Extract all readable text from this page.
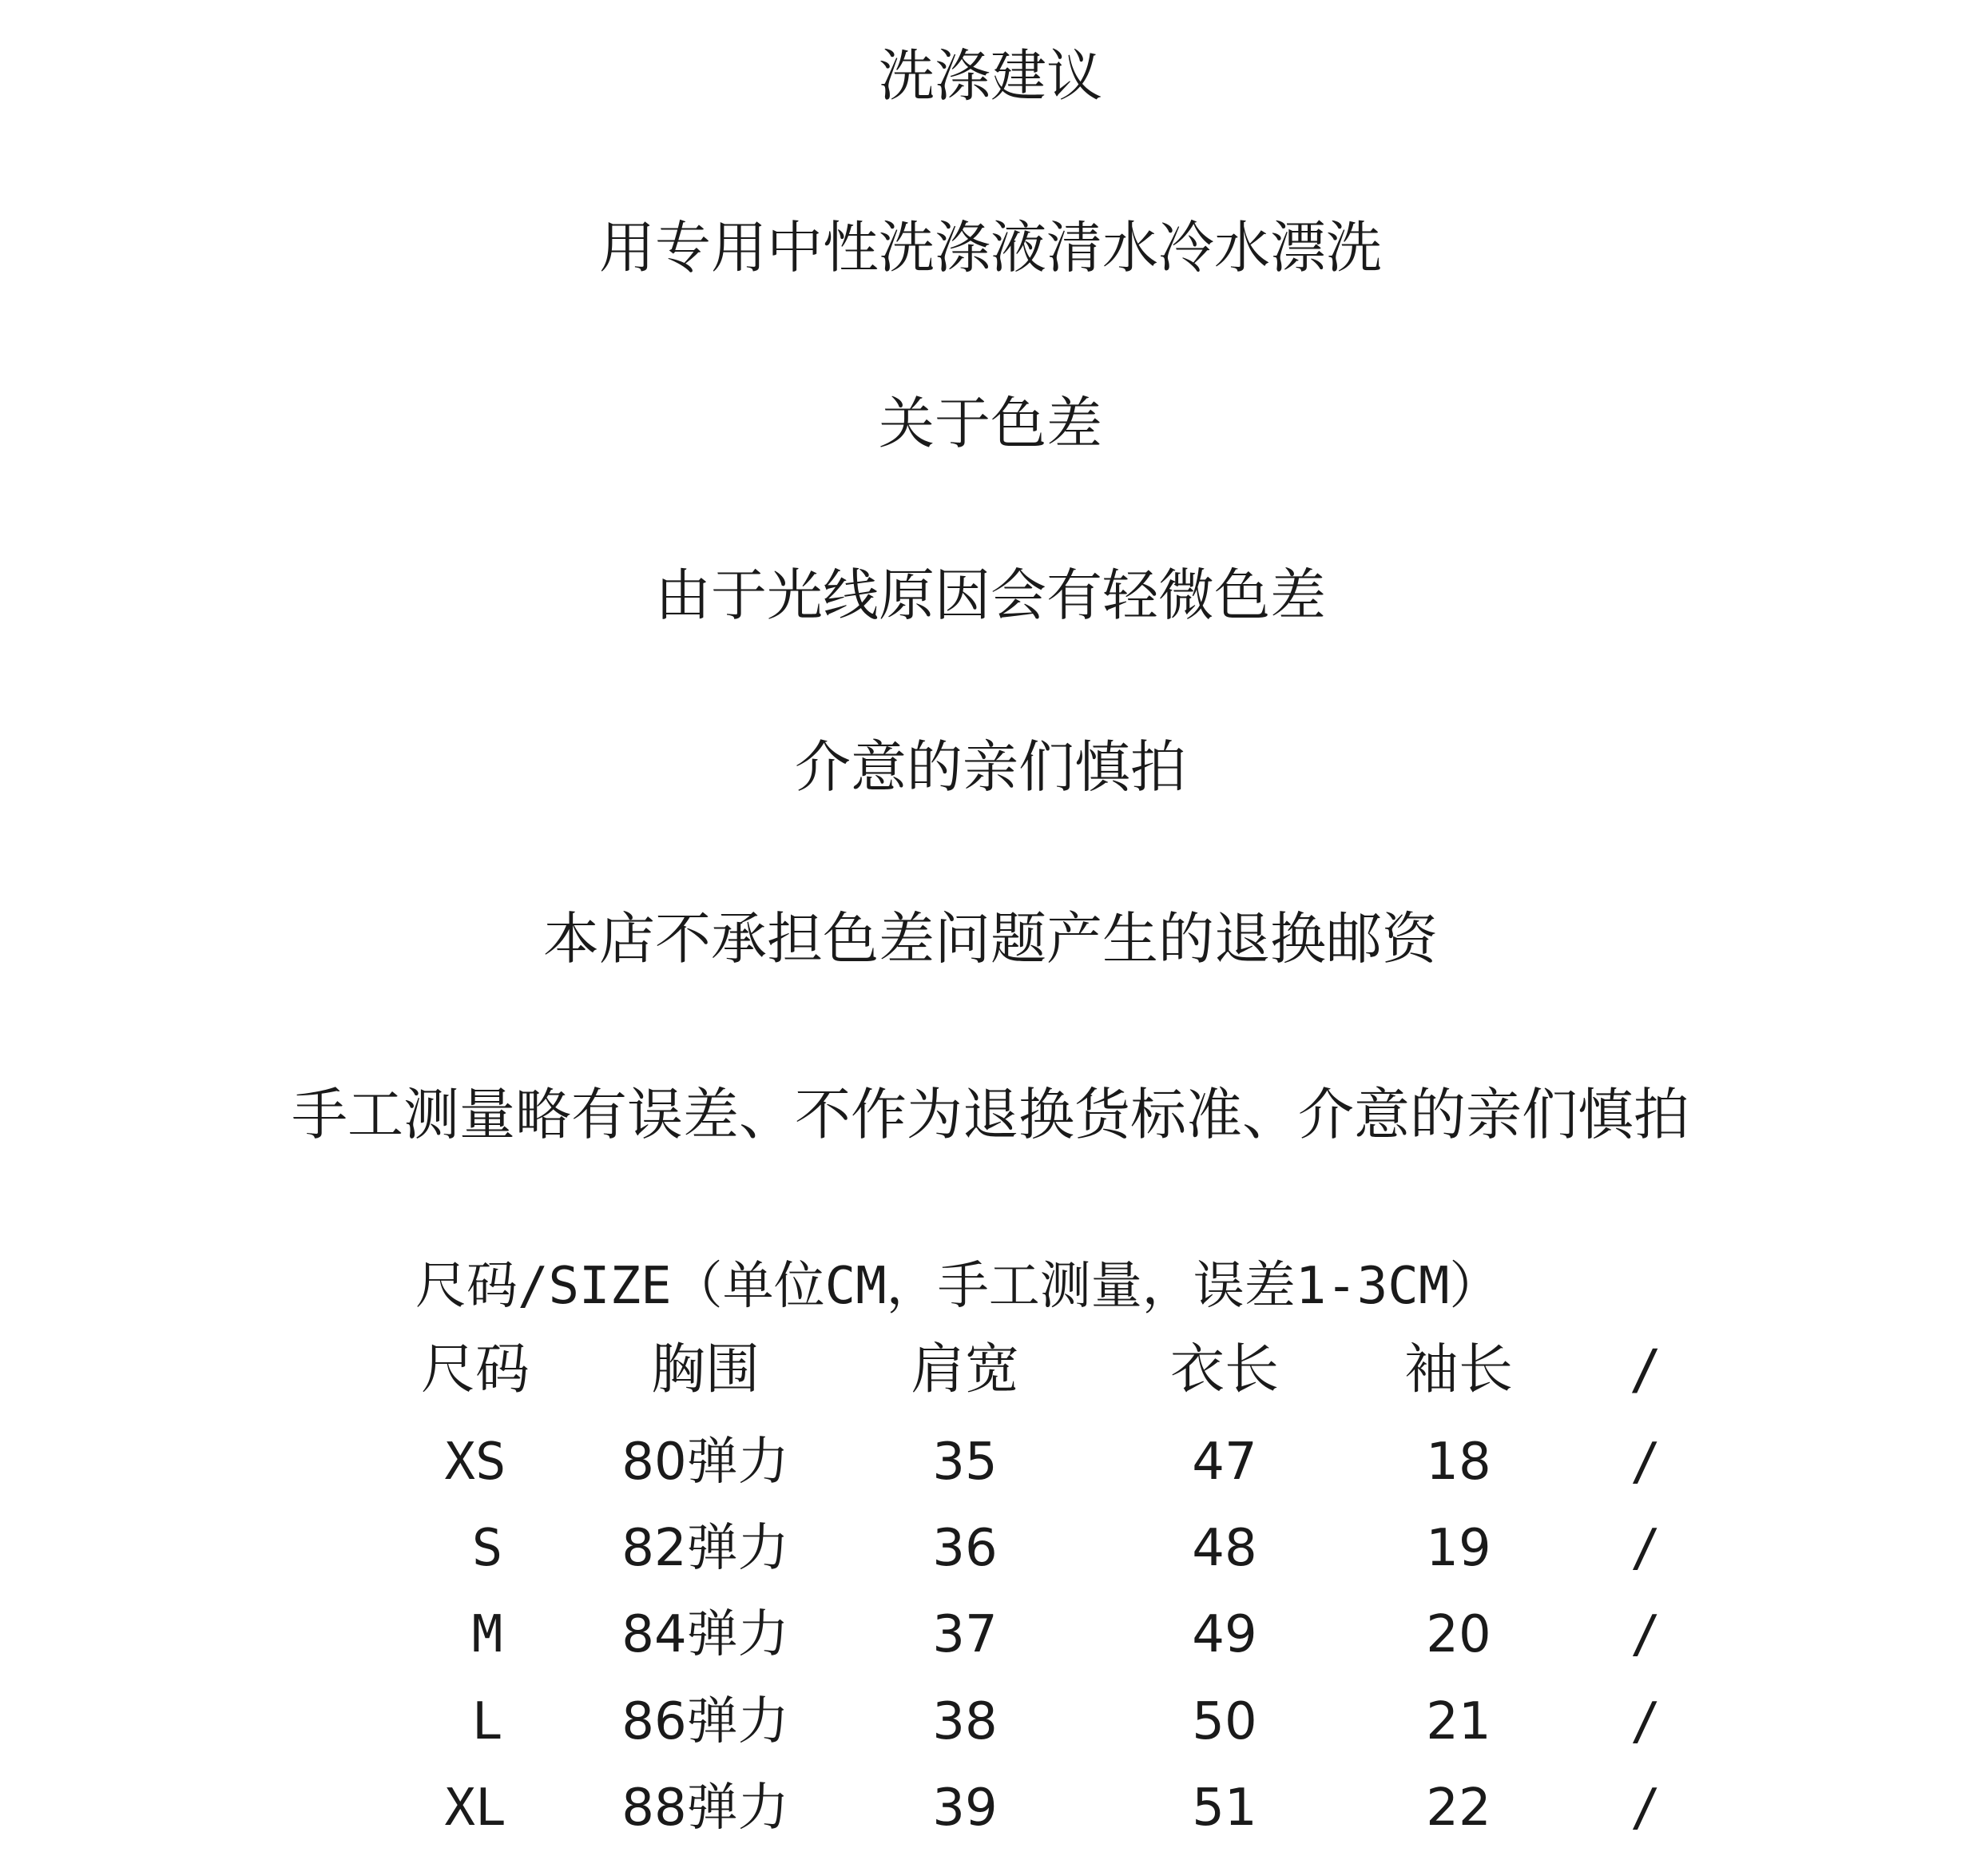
洗涤建议
用专用中性洗涤液清水冷水漂洗
关于色差
由于光线原因会有轻微色差
介意的亲们慎拍
本店不承担色差问题产生的退换邮资
手工测量略有误差、不作为退换货标准、介意的亲们慎拍
尺码/SIZE（单位CM，手工测量，误差1-3CM）
尺码 胸围	肩宽	衣长 袖长 /
XS 80弹力	35	47	18	/
S 82弹力	36	48	19	/
M 84弹力	37	49	20	/
L 86弹力	38	50	21	/
XL 88弹力	39	51	22	/
